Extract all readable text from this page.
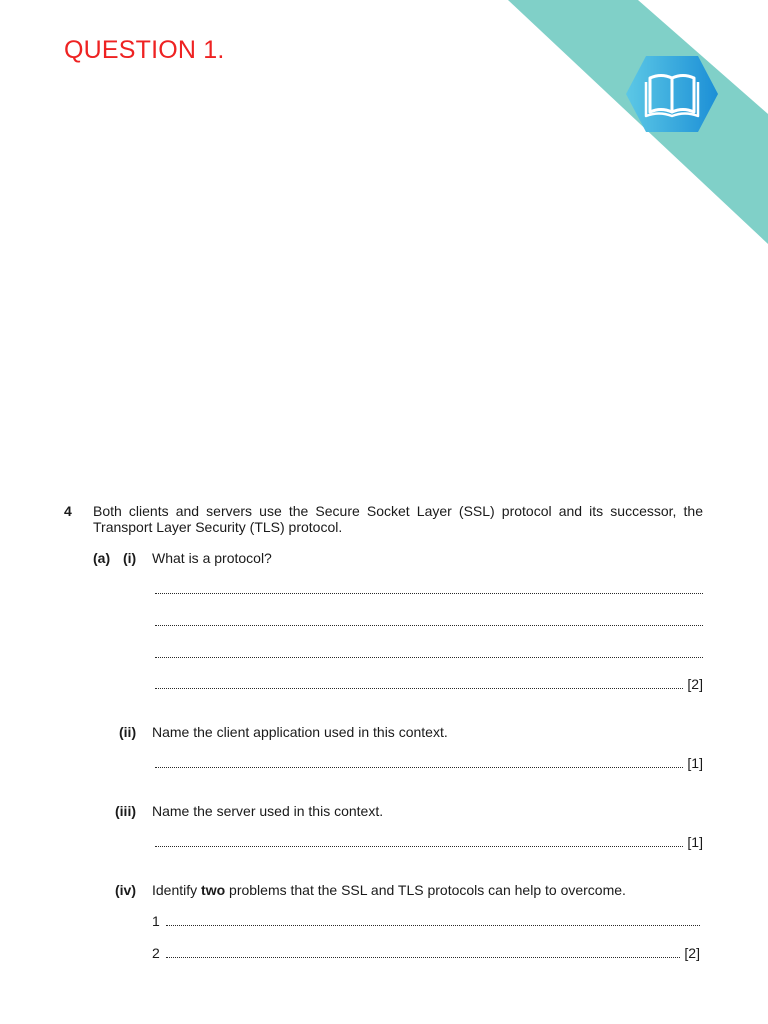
QUESTION 1.
4 Both clients and servers use the Secure Socket Layer (SSL) protocol and its successor, the Transport Layer Security (TLS) protocol.
(a) (i) What is a protocol?
[2]
(ii) Name the client application used in this context.
[1]
(iii) Name the server used in this context.
[1]
(iv) Identify two problems that the SSL and TLS protocols can help to overcome.
1
2	[2]
